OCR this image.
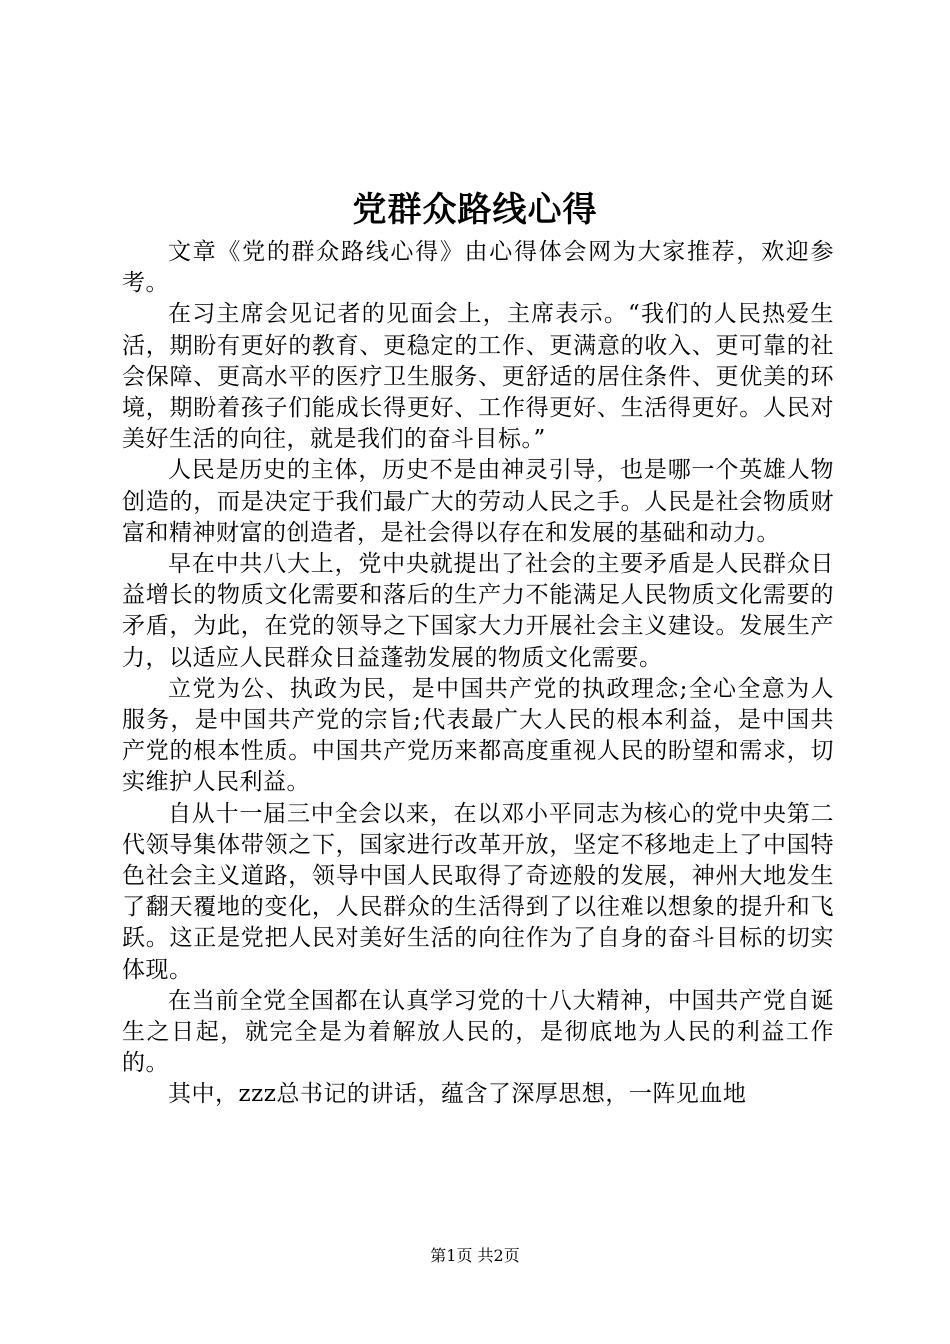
党群众路线心得

文章《党的群众路线心得》由心得体会网为大家推荐，欢迎参考。

在习主席会见记者的见面会上，主席表示。“我们的人民热爱生活，期盼有更好的教育、更稳定的工作、更满意的收入、更可靠的社会保障、更高水平的医疗卫生服务、更舒适的居住条件、更优美的环境，期盼着孩子们能成长得更好、工作得更好、生活得更好。人民对美好生活的向往，就是我们的奋斗目标。”

人民是历史的主体，历史不是由神灵引导，也是哪一个英雄人物创造的，而是决定于我们最广大的劳动人民之手。人民是社会物质财富和精神财富的创造者，是社会得以存在和发展的基础和动力。

早在中共八大上，党中央就提出了社会的主要矛盾是人民群众日益增长的物质文化需要和落后的生产力不能满足人民物质文化需要的矛盾，为此，在党的领导之下国家大力开展社会主义建设。发展生产力，以适应人民群众日益蓬勃发展的物质文化需要。

立党为公、执政为民，是中国共产党的执政理念;全心全意为人服务，是中国共产党的宗旨;代表最广大人民的根本利益，是中国共产党的根本性质。中国共产党历来都高度重视人民的盼望和需求，切实维护人民利益。

自从十一届三中全会以来，在以邓小平同志为核心的党中央第二代领导集体带领之下，国家进行改革开放，坚定不移地走上了中国特色社会主义道路，领导中国人民取得了奇迹般的发展，神州大地发生了翻天覆地的变化，人民群众的生活得到了以往难以想象的提升和飞跃。这正是党把人民对美好生活的向往作为了自身的奋斗目标的切实体现。

在当前全党全国都在认真学习党的十八大精神，中国共产党自诞生之日起，就完全是为着解放人民的，是彻底地为人民的利益工作的。

其中，zzz总书记的讲话，蕴含了深厚思想，一阵见血地

第1页 共2页
